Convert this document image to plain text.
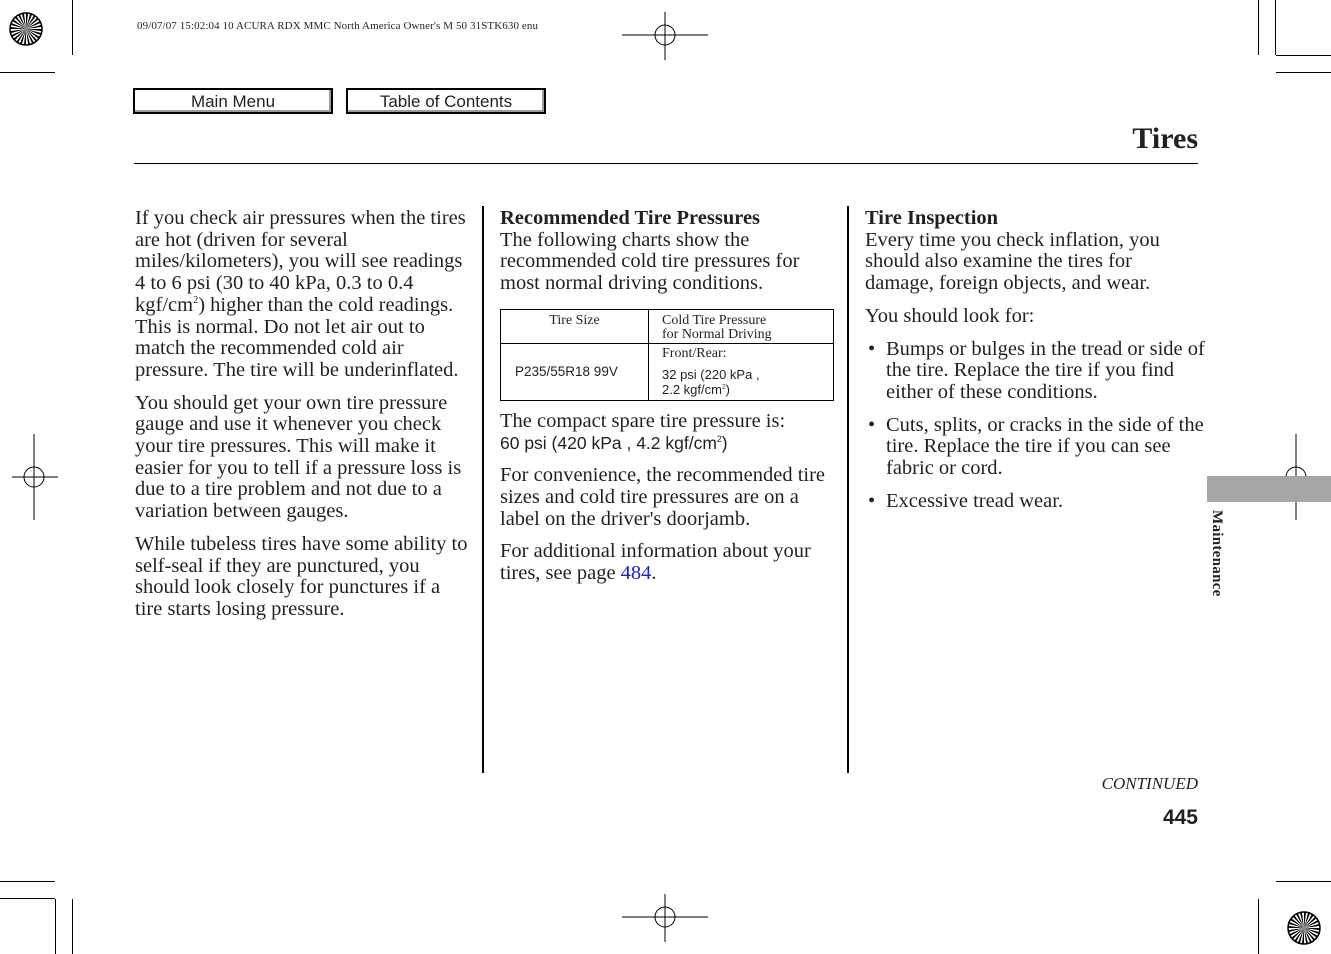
09/07/07 15:02:04 10 ACURA RDX MMC North America Owner's M 50 31STK630 enu
Main Menu	Table of Contents
Tires

If you check air pressures when the tires are hot (driven for several miles/kilometers), you will see readings 4 to 6 psi (30 to 40 kPa, 0.3 to 0.4 kgf/$cm^2$) higher than the cold readings. This is normal. Do not let air out to match the recommended cold air pressure. The tire will be underinflated.

You should get your own tire pressure gauge and use it whenever you check your tire pressures. This will make it easier for you to tell if a pressure loss is due to a tire problem and not due to a variation between gauges.

While tubeless tires have some ability to self-seal if they are punctured, you should look closely for punctures if a tire starts losing pressure.

Recommended Tire Pressures
The following charts show the recommended cold tire pressures for most normal driving conditions.

Tire Size	Cold Tire Pressure
for Normal Driving
P235/55R18 99V	Front/Rear:
32 psi (220 kPa ,
2.2 kgf/$cm^2$)

The compact spare tire pressure is:
60 psi (420 kPa , 4.2 kgf/$cm^2$)

For convenience, the recommended tire sizes and cold tire pressures are on a label on the driver's doorjamb.

For additional information about your tires, see page 484.

Tire Inspection
Every time you check inflation, you should also examine the tires for damage, foreign objects, and wear.

You should look for:

• Bumps or bulges in the tread or side of the tire. Replace the tire if you find either of these conditions.
• Cuts, splits, or cracks in the side of the tire. Replace the tire if you can see fabric or cord.
• Excessive tread wear.
Maintenance
CONTINUED
445
